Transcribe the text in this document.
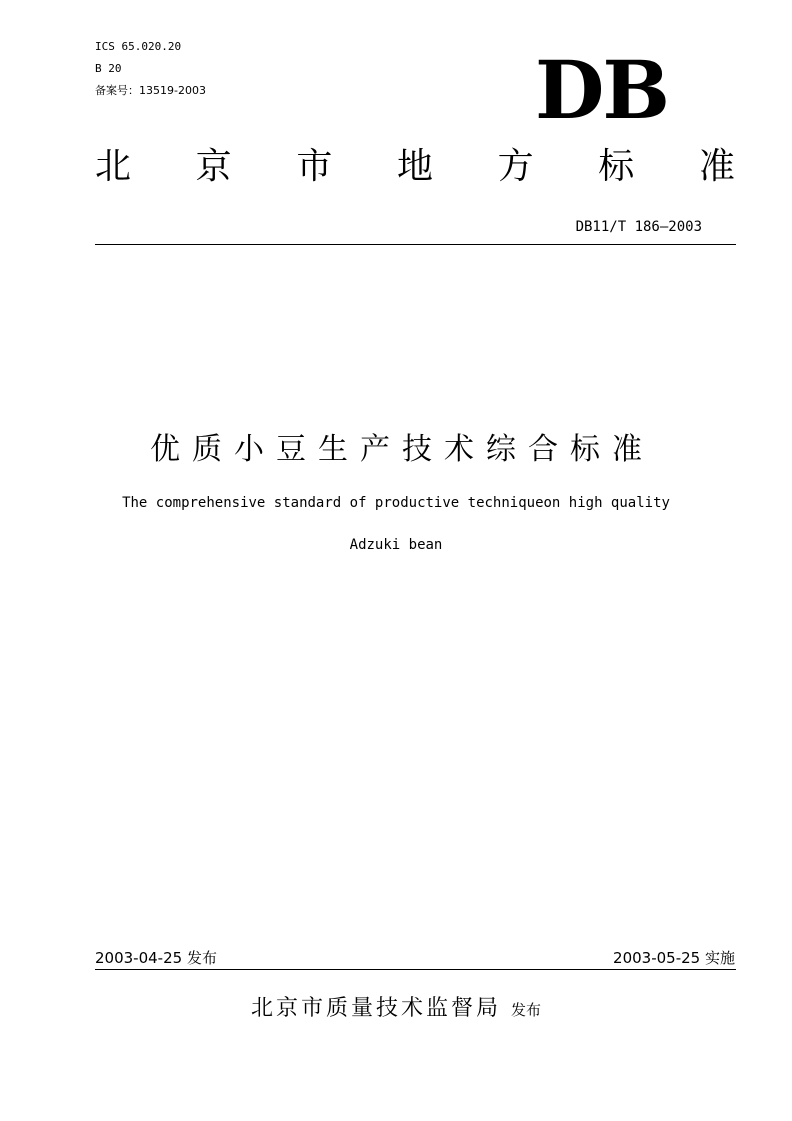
ICS 65.020.20
B 20
备案号：13519-2003	DB
北 京 市 地 方 标 准
DB11/T 186—2003
优质小豆生产技术综合标准
The comprehensive standard of productive techniqueon high quality
Adzuki bean
2003-04-25 发布	2003-05-25 实施
北京市质量技术监督局 发布
